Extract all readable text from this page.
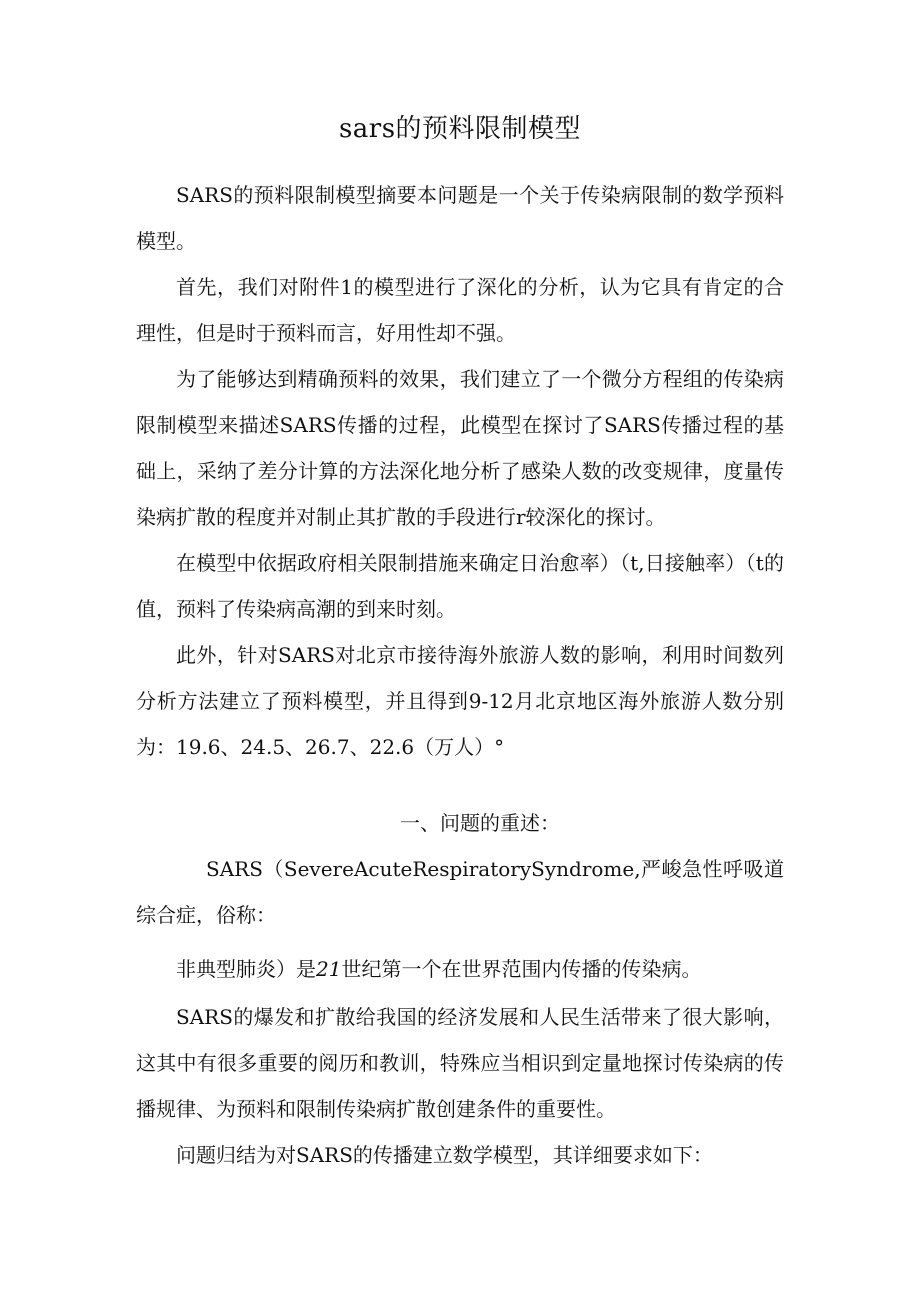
sars的预料限制模型

SARS的预料限制模型摘要本问题是一个关于传染病限制的数学预料模型。

首先，我们对附件1的模型进行了深化的分析，认为它具有肯定的合理性，但是时于预料而言，好用性却不强。

为了能够达到精确预料的效果，我们建立了一个微分方程组的传染病限制模型来描述SARS传播的过程，此模型在探讨了SARS传播过程的基础上，采纳了差分计算的方法深化地分析了感染人数的改变规律，度量传染病扩散的程度并对制止其扩散的手段进行r较深化的探讨。

在模型中依据政府相关限制措施来确定日治愈率）（t,日接触率）（t的值，预料了传染病高潮的到来时刻。

此外，针对SARS对北京市接待海外旅游人数的影响，利用时间数列分析方法建立了预料模型，并且得到9-12月北京地区海外旅游人数分别为：19.6、24.5、26.7、22.6（万人）°

一、问题的重述：

SARS（SevereAcuteRespiratorySyndrome,严峻急性呼吸道综合症，俗称：

非典型肺炎）是21世纪第一个在世界范围内传播的传染病。

SARS的爆发和扩散给我国的经济发展和人民生活带来了很大影响，这其中有很多重要的阅历和教训，特殊应当相识到定量地探讨传染病的传播规律、为预料和限制传染病扩散创建条件的重要性。

问题归结为对SARS的传播建立数学模型，其详细要求如下：
